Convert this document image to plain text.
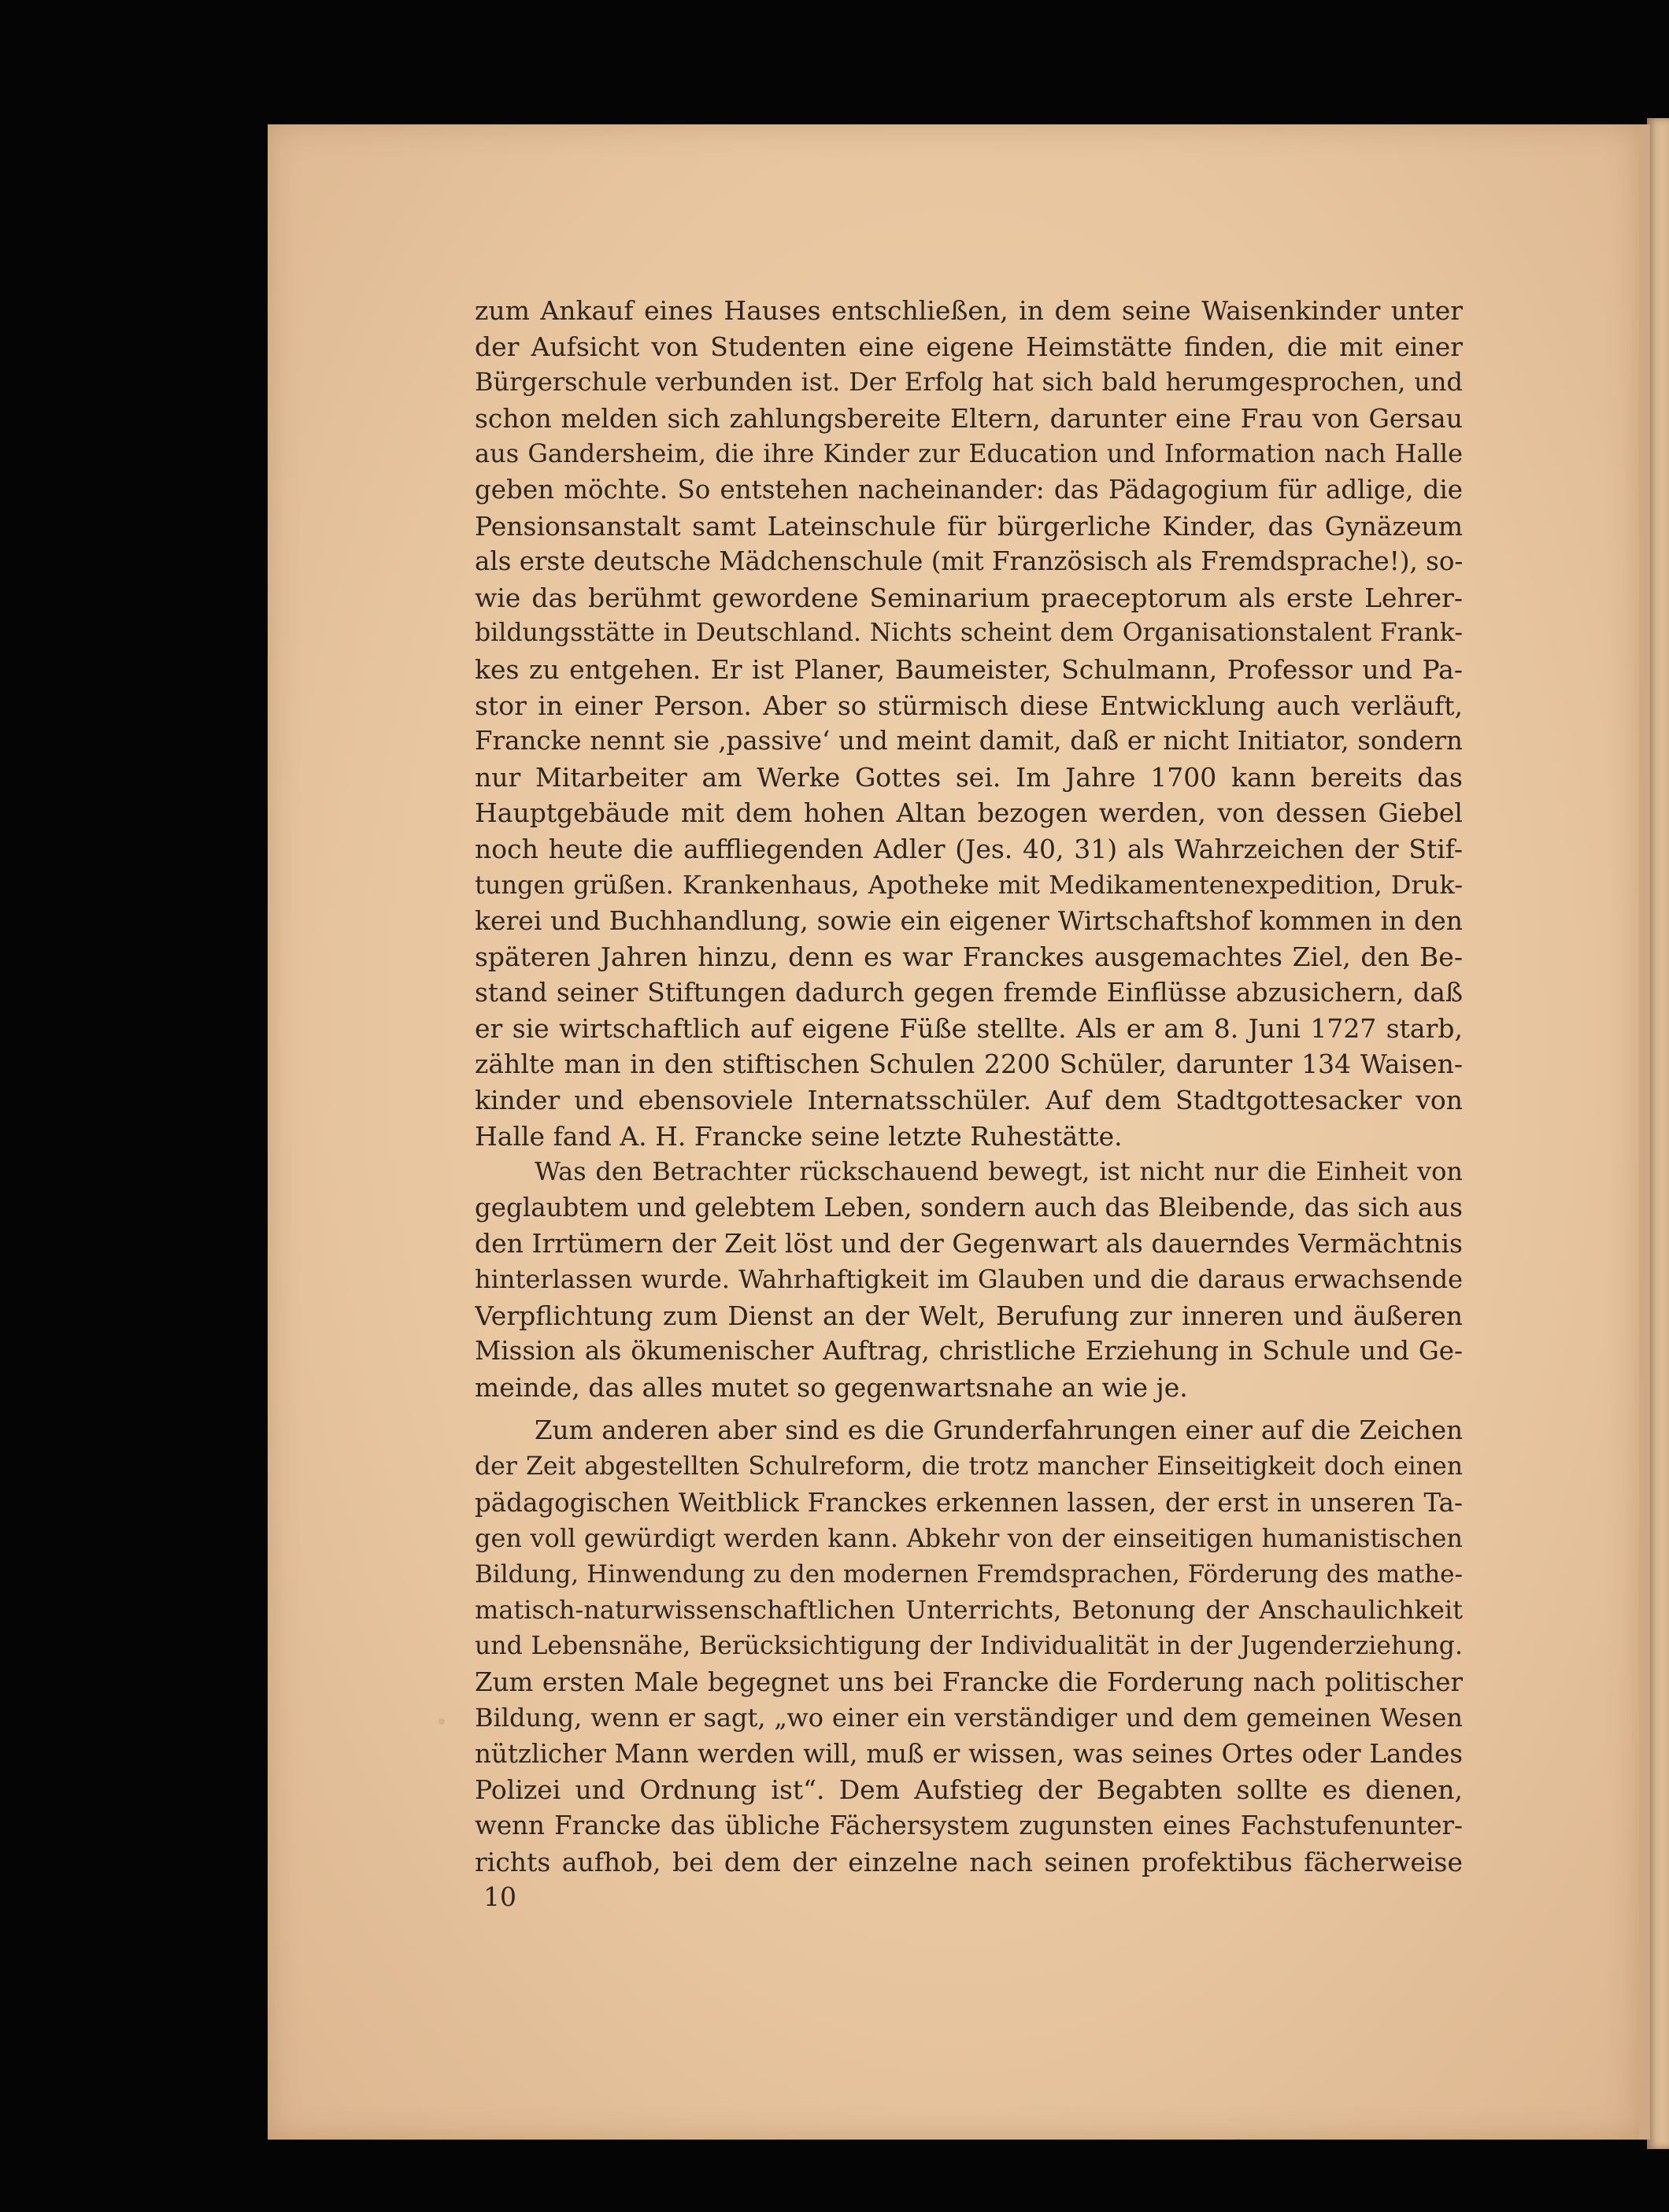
zum Ankauf eines Hauses entschließen, in dem seine Waisenkinder unter
der Aufsicht von Studenten eine eigene Heimstätte finden, die mit einer
Bürgerschule verbunden ist. Der Erfolg hat sich bald herumgesprochen, und
schon melden sich zahlungsbereite Eltern, darunter eine Frau von Gersau
aus Gandersheim, die ihre Kinder zur Education und Information nach Halle
geben möchte. So entstehen nacheinander: das Pädagogium für adlige, die
Pensionsanstalt samt Lateinschule für bürgerliche Kinder, das Gynäzeum
als erste deutsche Mädchenschule (mit Französisch als Fremdsprache!), so-
wie das berühmt gewordene Seminarium praeceptorum als erste Lehrer-
bildungsstätte in Deutschland. Nichts scheint dem Organisationstalent Frank-
kes zu entgehen. Er ist Planer, Baumeister, Schulmann, Professor und Pa-
stor in einer Person. Aber so stürmisch diese Entwicklung auch verläuft,
Francke nennt sie ‚passive‘ und meint damit, daß er nicht Initiator, sondern
nur Mitarbeiter am Werke Gottes sei. Im Jahre 1700 kann bereits das
Hauptgebäude mit dem hohen Altan bezogen werden, von dessen Giebel
noch heute die auffliegenden Adler (Jes. 40, 31) als Wahrzeichen der Stif-
tungen grüßen. Krankenhaus, Apotheke mit Medikamentenexpedition, Druk-
kerei und Buchhandlung, sowie ein eigener Wirtschaftshof kommen in den
späteren Jahren hinzu, denn es war Franckes ausgemachtes Ziel, den Be-
stand seiner Stiftungen dadurch gegen fremde Einflüsse abzusichern, daß
er sie wirtschaftlich auf eigene Füße stellte. Als er am 8. Juni 1727 starb,
zählte man in den stiftischen Schulen 2200 Schüler, darunter 134 Waisen-
kinder und ebensoviele Internatsschüler. Auf dem Stadtgottesacker von
Halle fand A. H. Francke seine letzte Ruhestätte.
Was den Betrachter rückschauend bewegt, ist nicht nur die Einheit von
geglaubtem und gelebtem Leben, sondern auch das Bleibende, das sich aus
den Irrtümern der Zeit löst und der Gegenwart als dauerndes Vermächtnis
hinterlassen wurde. Wahrhaftigkeit im Glauben und die daraus erwachsende
Verpflichtung zum Dienst an der Welt, Berufung zur inneren und äußeren
Mission als ökumenischer Auftrag, christliche Erziehung in Schule und Ge-
meinde, das alles mutet so gegenwartsnahe an wie je.
Zum anderen aber sind es die Grunderfahrungen einer auf die Zeichen
der Zeit abgestellten Schulreform, die trotz mancher Einseitigkeit doch einen
pädagogischen Weitblick Franckes erkennen lassen, der erst in unseren Ta-
gen voll gewürdigt werden kann. Abkehr von der einseitigen humanistischen
Bildung, Hinwendung zu den modernen Fremdsprachen, Förderung des mathe-
matisch-naturwissenschaftlichen Unterrichts, Betonung der Anschaulichkeit
und Lebensnähe, Berücksichtigung der Individualität in der Jugenderziehung.
Zum ersten Male begegnet uns bei Francke die Forderung nach politischer
Bildung, wenn er sagt, „wo einer ein verständiger und dem gemeinen Wesen
nützlicher Mann werden will, muß er wissen, was seines Ortes oder Landes
Polizei und Ordnung ist“. Dem Aufstieg der Begabten sollte es dienen,
wenn Francke das übliche Fächersystem zugunsten eines Fachstufenunter-
richts aufhob, bei dem der einzelne nach seinen profektibus fächerweise
10
